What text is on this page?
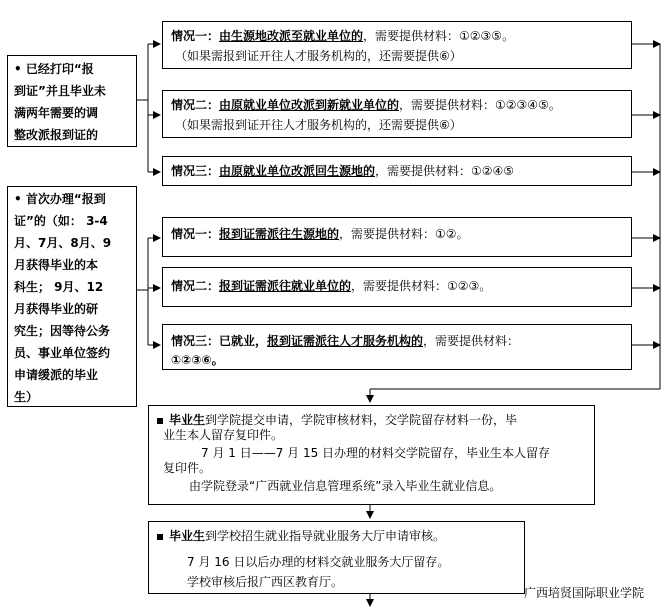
• 已经打印“报
到证”并且毕业未
满两年需要的调
整改派报到证的
• 首次办理“报到
证”的（如： 3-4
月、7月、8月、9
月获得毕业的本
科生； 9月、12
月获得毕业的研
究生；因等待公务
员、事业单位签约
申请缓派的毕业
生）
情况一：由生源地改派至就业单位的，需要提供材料：①②③⑤。
（如果需报到证开往人才服务机构的，还需要提供⑥）
情况二：由原就业单位改派到新就业单位的，需要提供材料：①②③④⑤。
（如果需报到证开往人才服务机构的，还需要提供⑥）
情况三：由原就业单位改派回生源地的，需要提供材料：①②④⑤
情况一：报到证需派往生源地的，需要提供材料：①②。
情况二：报到证需派往就业单位的，需要提供材料：①②③。
情况三：已就业，报到证需派往人才服务机构的，需要提供材料：
①②③⑥。
毕业生到学院提交申请，学院审核材料，交学院留存材料一份，毕
业生本人留存复印件。
7 月 1 日——7 月 15 日办理的材料交学院留存，毕业生本人留存
复印件。
由学院登录“广西就业信息管理系统”录入毕业生就业信息。
毕业生到学校招生就业指导就业服务大厅申请审核。
7 月 16 日以后办理的材料交就业服务大厅留存。
学校审核后报广西区教育厅。
广西培贤国际职业学院
